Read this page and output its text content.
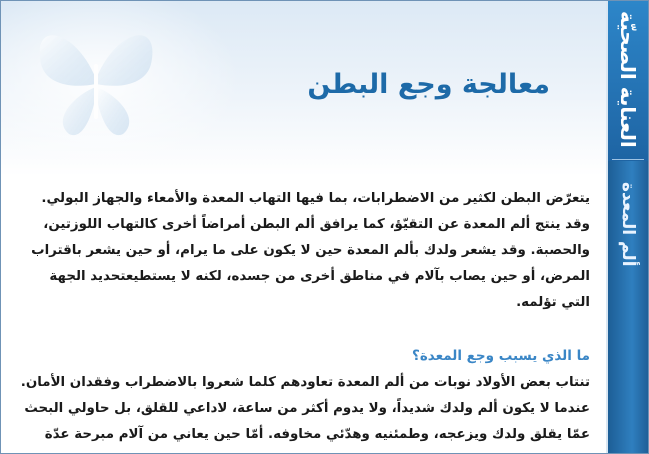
معالجة وجع البطن	العناية الصحيّة
ألم المعدة
يتعرّض البطن لكثير من الاضطرابات، بما فيها التهاب المعدة والأمعاء والجهاز البولي.
وقد ينتج ألم المعدة عن التقيّؤ، كما يرافق ألم البطن أمراضاً أخرى كالتهاب اللوزتين،
والحصبة. وقد يشعر ولدك بألم المعدة حين لا يكون على ما يرام، أو حين يشعر باقتراب
المرض، أو حين يصاب بآلام في مناطق أخرى من جسده، لكنه لا يستطيعتحديد الجهة
التي تؤلمه.
ما الذي يسبب وجع المعدة؟
تنتاب بعض الأولاد نوبات من ألم المعدة تعاودهم كلما شعروا بالاضطراب وفقدان الأمان.
عندما لا يكون ألم ولدك شديداً، ولا يدوم أكثر من ساعة، لاداعي للقلق، بل حاولي البحث
عمّا يقلق ولدك ويزعجه، وطمئنيه وهدّئي مخاوفه. أمّا حين يعاني من آلام مبرحة عدّة
